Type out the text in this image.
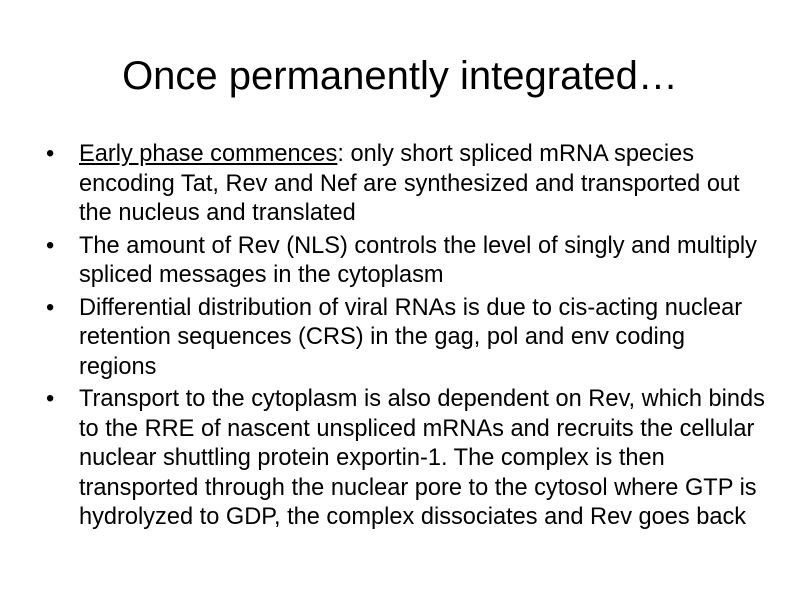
Once permanently integrated…
•	Early phase commences: only short spliced mRNA species encoding Tat, Rev and Nef are synthesized and transported out the nucleus and translated
•	The amount of Rev (NLS) controls the level of singly and multiply spliced messages in the cytoplasm
•	Differential distribution of viral RNAs is due to cis-acting nuclear retention sequences (CRS) in the gag, pol and env coding regions
•	Transport to the cytoplasm is also dependent on Rev, which binds to the RRE of nascent unspliced mRNAs and recruits the cellular nuclear shuttling protein exportin-1. The complex is then transported through the nuclear pore to the cytosol where GTP is hydrolyzed to GDP, the complex dissociates and Rev goes back
